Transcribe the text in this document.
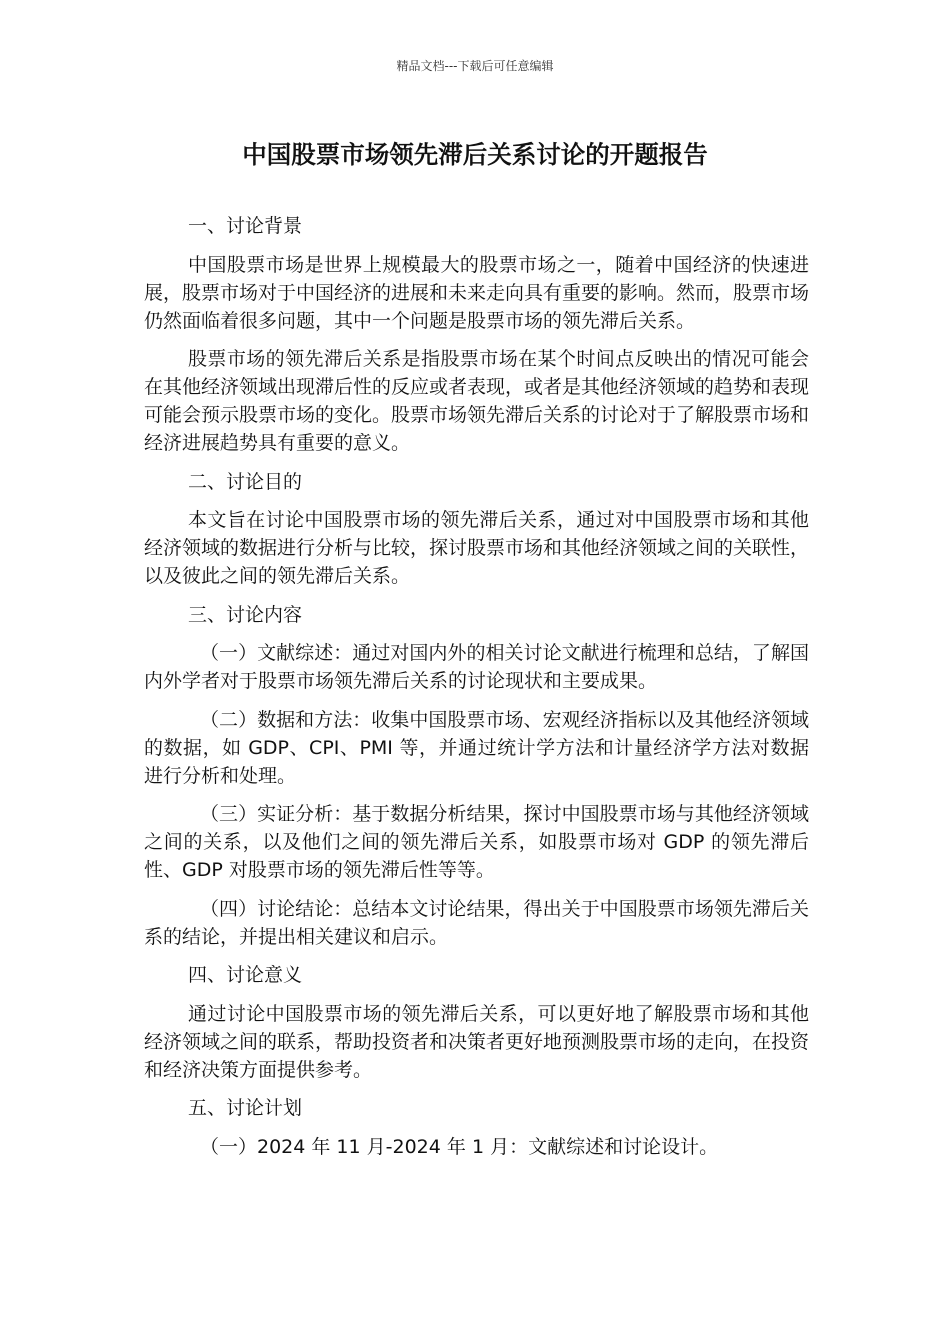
精品文档---下载后可任意编辑
中国股票市场领先滞后关系讨论的开题报告

一、讨论背景

中国股票市场是世界上规模最大的股票市场之一，随着中国经济的快速进展，股票市场对于中国经济的进展和未来走向具有重要的影响。然而，股票市场仍然面临着很多问题，其中一个问题是股票市场的领先滞后关系。

股票市场的领先滞后关系是指股票市场在某个时间点反映出的情况可能会在其他经济领域出现滞后性的反应或者表现，或者是其他经济领域的趋势和表现可能会预示股票市场的变化。股票市场领先滞后关系的讨论对于了解股票市场和经济进展趋势具有重要的意义。

二、讨论目的

本文旨在讨论中国股票市场的领先滞后关系，通过对中国股票市场和其他经济领域的数据进行分析与比较，探讨股票市场和其他经济领域之间的关联性，以及彼此之间的领先滞后关系。

三、讨论内容

（一）文献综述：通过对国内外的相关讨论文献进行梳理和总结，了解国内外学者对于股票市场领先滞后关系的讨论现状和主要成果。

（二）数据和方法：收集中国股票市场、宏观经济指标以及其他经济领域的数据，如 GDP、CPI、PMI 等，并通过统计学方法和计量经济学方法对数据进行分析和处理。

（三）实证分析：基于数据分析结果，探讨中国股票市场与其他经济领域之间的关系，以及他们之间的领先滞后关系，如股票市场对 GDP 的领先滞后性、GDP 对股票市场的领先滞后性等等。

（四）讨论结论：总结本文讨论结果，得出关于中国股票市场领先滞后关系的结论，并提出相关建议和启示。

四、讨论意义

通过讨论中国股票市场的领先滞后关系，可以更好地了解股票市场和其他经济领域之间的联系，帮助投资者和决策者更好地预测股票市场的走向，在投资和经济决策方面提供参考。

五、讨论计划

（一）2024 年 11 月-2024 年 1 月：文献综述和讨论设计。
